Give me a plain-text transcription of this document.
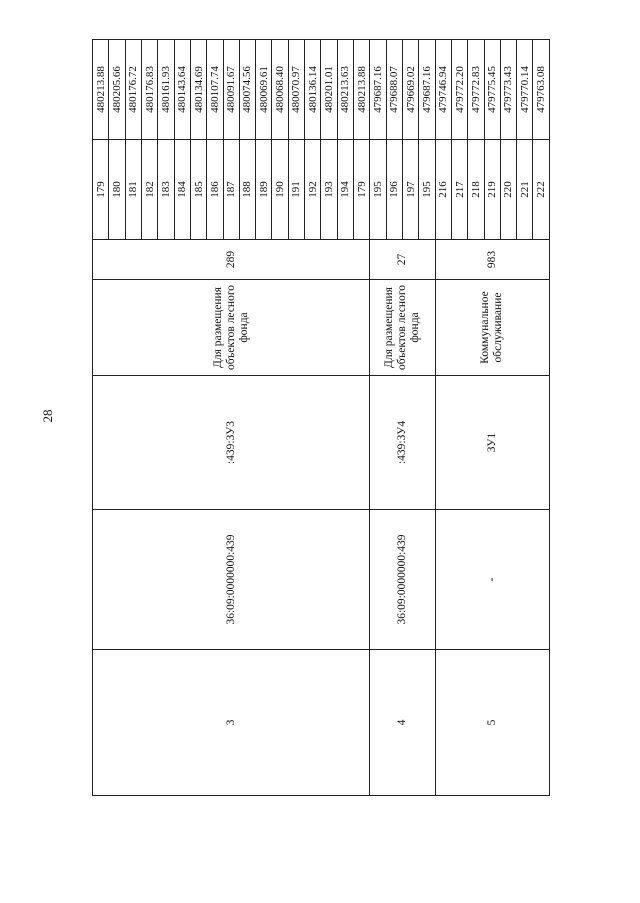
28
3	36:09:0000000:439	:439:ЗУ3	Для размещения объектов лесного фонда	289	179	480213.88	
					180	480205.66	
					181	480176.72	
					182	480176.83	
					183	480161.93	
					184	480143.64	
					185	480134.69	
					186	480107.74	
					187	480091.67	
					188	480074.56	
					189	480069.61	
					190	480068.40	
					191	480070.97	
					192	480136.14	
					193	480201.01	
					194	480213.63	
					179	480213.88	
4	36:09:0000000:439	:439:ЗУ4	Для размещения объектов лесного фонда	27	195	479687.16	
					196	479688.07	
					197	479669.02	
					195	479687.16	
5	-	ЗУ1	Коммунальное обслуживание	983	216	479746.94	
					217	479772.20	
					218	479772.83	
					219	479775.45	
					220	479773.43	
					221	479770.14	
					222	479763.08	
